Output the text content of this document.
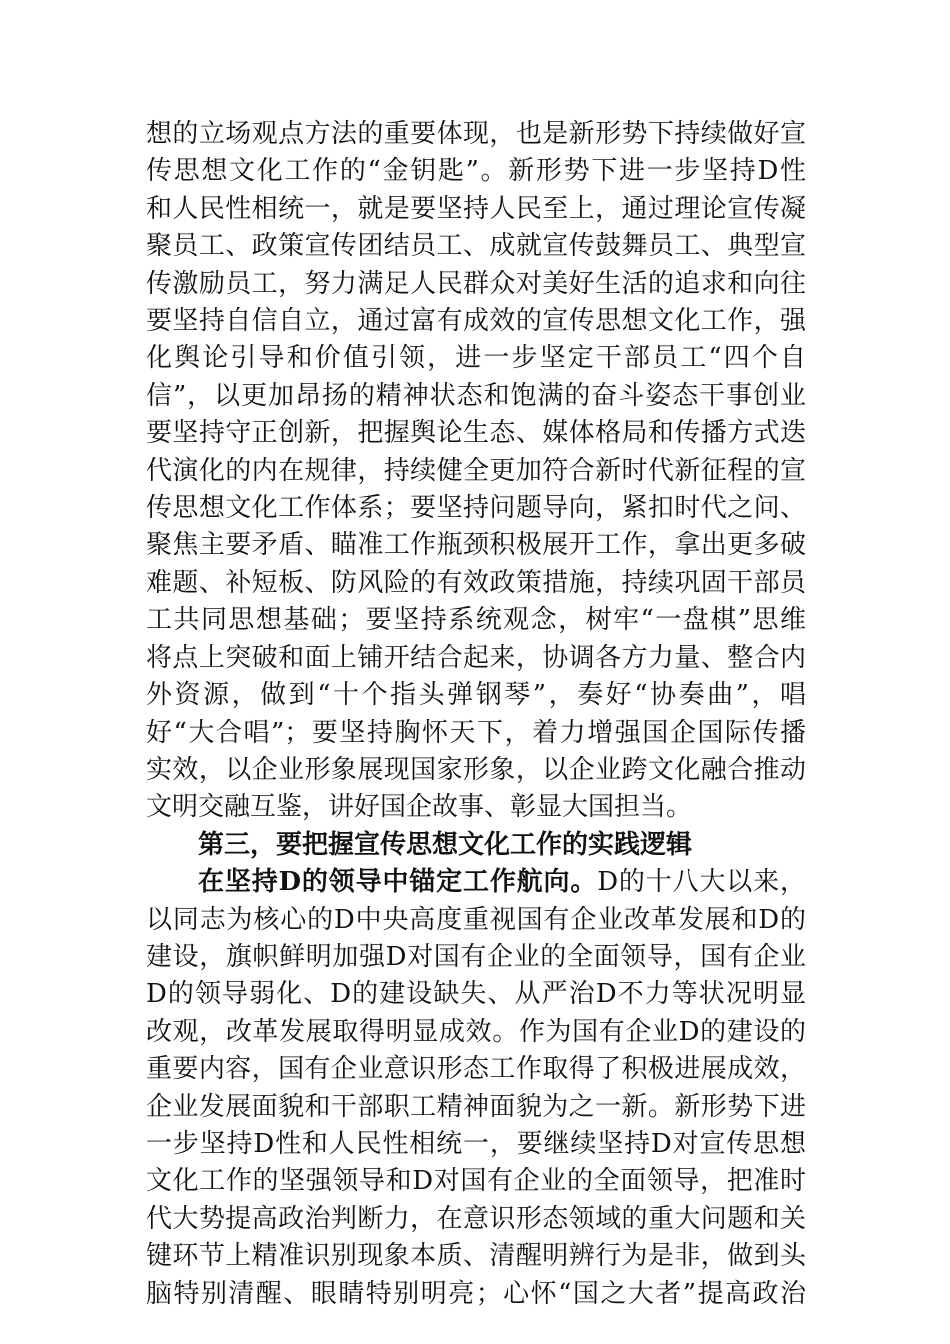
想的立场观点方法的重要体现，也是新形势下持续做好宣
传思想文化工作的“金钥匙”。新形势下进一步坚持D性
和人民性相统一，就是要坚持人民至上，通过理论宣传凝
聚员工、政策宣传团结员工、成就宣传鼓舞员工、典型宣
传激励员工，努力满足人民群众对美好生活的追求和向往
要坚持自信自立，通过富有成效的宣传思想文化工作，强
化舆论引导和价值引领，进一步坚定干部员工“四个自
信”，以更加昂扬的精神状态和饱满的奋斗姿态干事创业
要坚持守正创新，把握舆论生态、媒体格局和传播方式迭
代演化的内在规律，持续健全更加符合新时代新征程的宣
传思想文化工作体系；要坚持问题导向，紧扣时代之问、
聚焦主要矛盾、瞄准工作瓶颈积极展开工作，拿出更多破
难题、补短板、防风险的有效政策措施，持续巩固干部员
工共同思想基础；要坚持系统观念，树牢“一盘棋”思维
将点上突破和面上铺开结合起来，协调各方力量、整合内
外资源，做到“十个指头弹钢琴”，奏好“协奏曲”，唱
好“大合唱”；要坚持胸怀天下，着力增强国企国际传播
实效，以企业形象展现国家形象，以企业跨文化融合推动
文明交融互鉴，讲好国企故事、彰显大国担当。
第三，要把握宣传思想文化工作的实践逻辑
在坚持D的领导中锚定工作航向。D的十八大以来，
以同志为核心的D中央高度重视国有企业改革发展和D的
建设，旗帜鲜明加强D对国有企业的全面领导，国有企业
D的领导弱化、D的建设缺失、从严治D不力等状况明显
改观，改革发展取得明显成效。作为国有企业D的建设的
重要内容，国有企业意识形态工作取得了积极进展成效，
企业发展面貌和干部职工精神面貌为之一新。新形势下进
一步坚持D性和人民性相统一，要继续坚持D对宣传思想
文化工作的坚强领导和D对国有企业的全面领导，把准时
代大势提高政治判断力，在意识形态领域的重大问题和关
键环节上精准识别现象本质、清醒明辨行为是非，做到头
脑特别清醒、眼睛特别明亮；心怀“国之大者”提高政治
